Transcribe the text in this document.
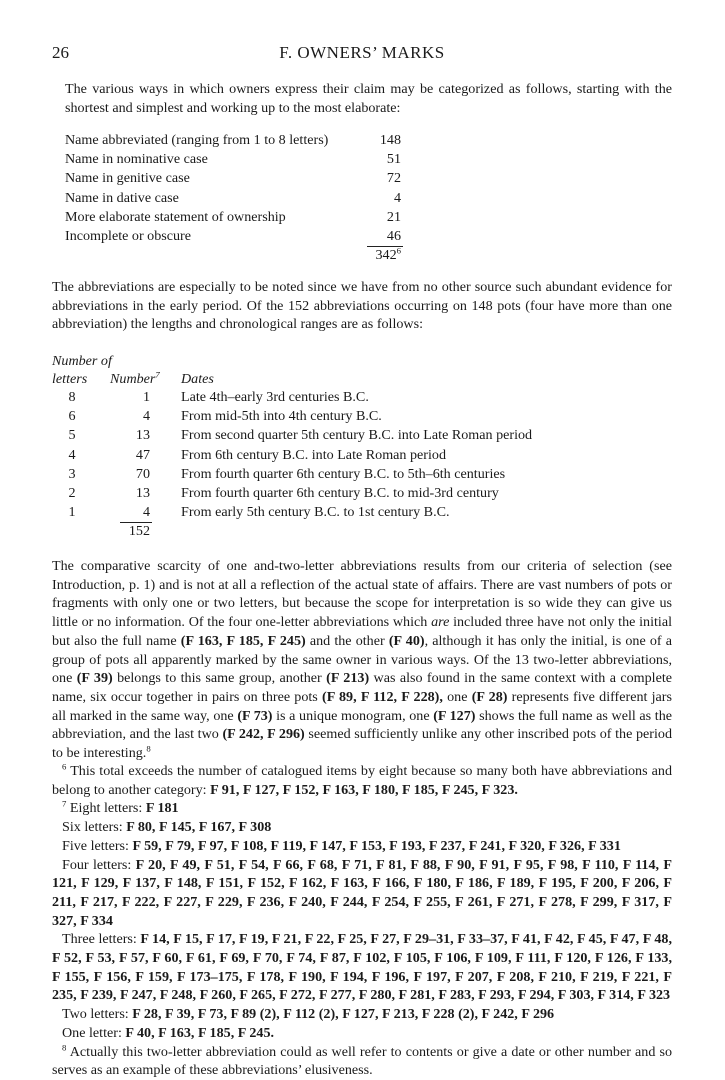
26	F. OWNERS’ MARKS

The various ways in which owners express their claim may be categorized as follows, starting with the shortest and simplest and working up to the most elaborate:

Name abbreviated (ranging from 1 to 8 letters)	148
Name in nominative case	51
Name in genitive case	72
Name in dative case	4
More elaborate statement of ownership	21
Incomplete or obscure	46
$342^6$

The abbreviations are especially to be noted since we have from no other source such abundant evidence for abbreviations in the early period. Of the 152 abbreviations occurring on 148 pots (four have more than one abbreviation) the lengths and chronological ranges are as follows:

Number of
letters	Number$^7$ Dates
8	1 Late 4th–early 3rd centuries B.C.
6	4 From mid-5th into 4th century B.C.
5	13 From second quarter 5th century B.C. into Late Roman period
4	47 From 6th century B.C. into Late Roman period
3	70 From fourth quarter 6th century B.C. to 5th–6th centuries
2	13 From fourth quarter 6th century B.C. to mid-3rd century
1	4 From early 5th century B.C. to 1st century B.C.
152

The comparative scarcity of one and-two-letter abbreviations results from our criteria of selection (see Introduction, p. 1) and is not at all a reflection of the actual state of affairs. There are vast numbers of pots or fragments with only one or two letters, but because the scope for interpretation is so wide they can give us little or no information. Of the four one-letter abbreviations which are included three have not only the initial but also the full name (F 163, F 185, F 245) and the other (F 40), although it has only the initial, is one of a group of pots all apparently marked by the same owner in various ways. Of the 13 two-letter abbreviations, one (F 39) belongs to this same group, another (F 213) was also found in the same context with a complete name, six occur together in pairs on three pots (F 89, F 112, F 228), one (F 28) represents five different jars all marked in the same way, one (F 73) is a unique monogram, one (F 127) shows the full name as well as the abbreviation, and the last two (F 242, F 296) seemed sufficiently unlike any other inscribed pots of the period to be interesting.$^8$

$^6$ This total exceeds the number of catalogued items by eight because so many both have abbreviations and belong to another category: F 91, F 127, F 152, F 163, F 180, F 185, F 245, F 323.

$^7$ Eight letters: F 181

Six letters: F 80, F 145, F 167, F 308

Five letters: F 59, F 79, F 97, F 108, F 119, F 147, F 153, F 193, F 237, F 241, F 320, F 326, F 331

Four letters: F 20, F 49, F 51, F 54, F 66, F 68, F 71, F 81, F 88, F 90, F 91, F 95, F 98, F 110, F 114, F 121, F 129, F 137, F 148, F 151, F 152, F 162, F 163, F 166, F 180, F 186, F 189, F 195, F 200, F 206, F 211, F 217, F 222, F 227, F 229, F 236, F 240, F 244, F 254, F 255, F 261, F 271, F 278, F 299, F 317, F 327, F 334

Three letters: F 14, F 15, F 17, F 19, F 21, F 22, F 25, F 27, F 29–31, F 33–37, F 41, F 42, F 45, F 47, F 48, F 52, F 53, F 57, F 60, F 61, F 69, F 70, F 74, F 87, F 102, F 105, F 106, F 109, F 111, F 120, F 126, F 133, F 155, F 156, F 159, F 173–175, F 178, F 190, F 194, F 196, F 197, F 207, F 208, F 210, F 219, F 221, F 235, F 239, F 247, F 248, F 260, F 265, F 272, F 277, F 280, F 281, F 283, F 293, F 294, F 303, F 314, F 323

Two letters: F 28, F 39, F 73, F 89 (2), F 112 (2), F 127, F 213, F 228 (2), F 242, F 296

One letter: F 40, F 163, F 185, F 245.

$^8$ Actually this two-letter abbreviation could as well refer to contents or give a date or other number and so serves as an example of these abbreviations’ elusiveness.
